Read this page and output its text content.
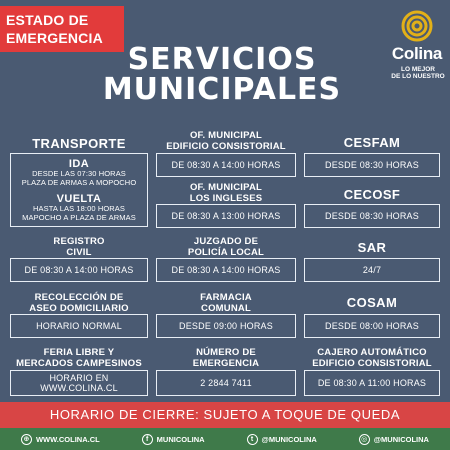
ESTADO DE
EMERGENCIA
SERVICIOS
MUNICIPALES
Colina
LO MEJOR
DE LO NUESTRO
TRANSPORTE
IDA
DESDE LAS 07:30 HORAS
PLAZA DE ARMAS A MOPOCHO
VUELTA
HASTA LAS 18:00 HORAS
MAPOCHO A PLAZA DE ARMAS
OF. MUNICIPAL
EDIFICIO CONSISTORIAL
DE 08:30 A 14:00 HORAS
CESFAM
DESDE 08:30 HORAS
OF. MUNICIPAL
LOS INGLESES
DE 08:30 A 13:00 HORAS
CECOSF
DESDE 08:30 HORAS
REGISTRO
CIVIL
DE 08:30 A 14:00 HORAS
JUZGADO DE
POLICÍA LOCAL
DE 08:30 A 14:00 HORAS
SAR
24/7
RECOLECCIÓN DE
ASEO DOMICILIARIO
HORARIO NORMAL
FARMACIA
COMUNAL
DESDE 09:00 HORAS
COSAM
DESDE 08:00 HORAS
FERIA LIBRE Y
MERCADOS CAMPESINOS
HORARIO EN
WWW.COLINA.CL
NÚMERO DE
EMERGENCIA
2 2844 7411
CAJERO AUTOMÁTICO
EDIFICIO CONSISTORIAL
DE 08:30 A 11:00 HORAS
HORARIO DE CIERRE: SUJETO A TOQUE DE QUEDA
⊕ WWW.COLINA.CL	f	MUNICOLINA	t	@MUNICOLINA	◎ @MUNICOLINA
